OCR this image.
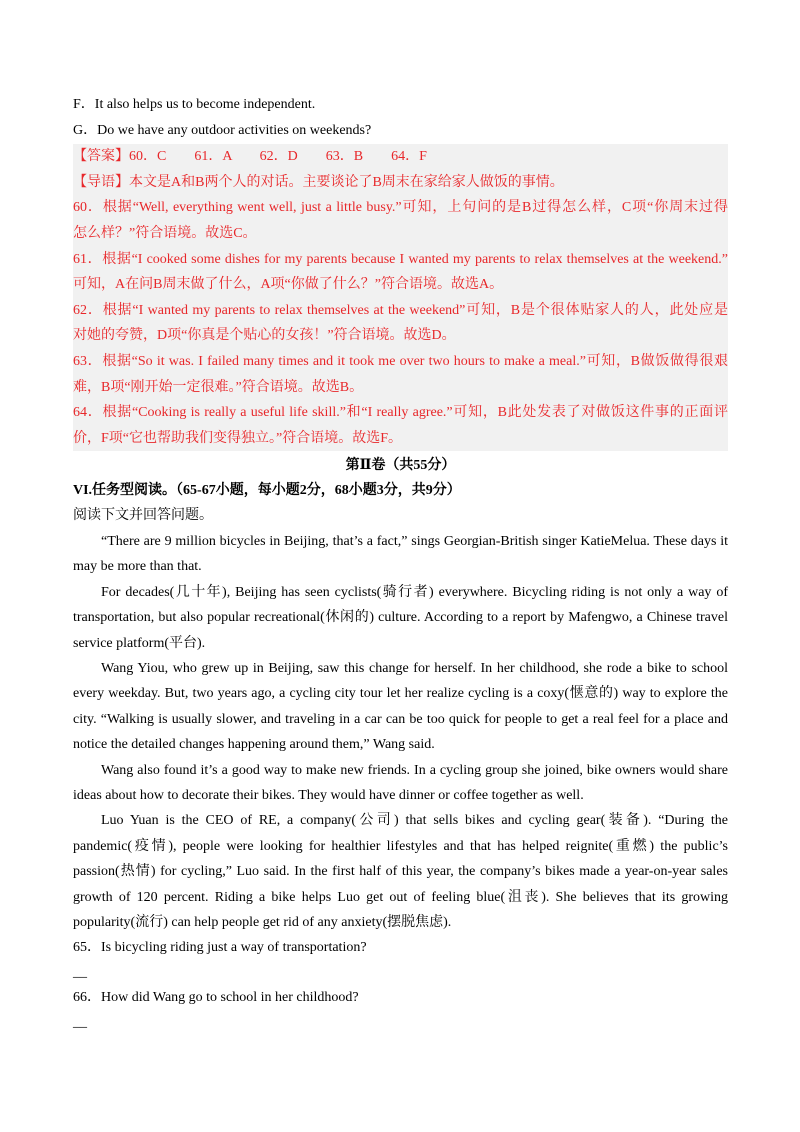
F．It also helps us to become independent.
G．Do we have any outdoor activities on weekends?
【答案】60．C　　61．A　　62．D　　63．B　　64．F
【导语】本文是A和B两个人的对话。主要谈论了B周末在家给家人做饭的事情。
60．根据“Well, everything went well, just a little busy.”可知，上句问的是B过得怎么样，C项“你周末过得
怎么样？”符合语境。故选C。
61．根据“I cooked some dishes for my parents because I wanted my parents to relax themselves at the weekend.”
可知，A在问B周末做了什么，A项“你做了什么？”符合语境。故选A。
62．根据“I wanted my parents to relax themselves at the weekend”可知，B是个很体贴家人的人，此处应是
对她的夸赞，D项“你真是个贴心的女孩！”符合语境。故选D。
63．根据“So it was. I failed many times and it took me over two hours to make a meal.”可知，B做饭做得很艰
难，B项“刚开始一定很难。”符合语境。故选B。
64．根据“Cooking is really a useful life skill.”和“I really agree.”可知，B此处发表了对做饭这件事的正面评
价，F项“它也帮助我们变得独立。”符合语境。故选F。
第Ⅱ卷（共55分）
VI.任务型阅读。（65-67小题，每小题2分，68小题3分，共9分）
阅读下文并回答问题。

“There are 9 million bicycles in Beijing, that’s a fact,” sings Georgian-British singer KatieMelua. These days it may be more than that.

For decades(几十年), Beijing has seen cyclists(骑行者) everywhere. Bicycling riding is not only a way of transportation, but also popular recreational(休闲的) culture. According to a report by Mafengwo, a Chinese travel service platform(平台).

Wang Yiou, who grew up in Beijing, saw this change for herself. In her childhood, she rode a bike to school every weekday. But, two years ago, a cycling city tour let her realize cycling is a coxy(惬意的) way to explore the city. “Walking is usually slower, and traveling in a car can be too quick for people to get a real feel for a place and notice the detailed changes happening around them,” Wang said.

Wang also found it’s a good way to make new friends. In a cycling group she joined, bike owners would share ideas about how to decorate their bikes. They would have dinner or coffee together as well.

Luo Yuan is the CEO of RE, a company(公司) that sells bikes and cycling gear(装备). “During the pandemic(疫情), people were looking for healthier lifestyles and that has helped reignite(重燃) the public’s passion(热情) for cycling,” Luo said. In the first half of this year, the company’s bikes made a year-on-year sales growth of 120 percent. Riding a bike helps Luo get out of feeling blue(沮丧). She believes that its growing popularity(流行) can help people get rid of any anxiety(摆脱焦虑).

65．Is bicycling riding just a way of transportation?
__
66．How did Wang go to school in her childhood?
__
